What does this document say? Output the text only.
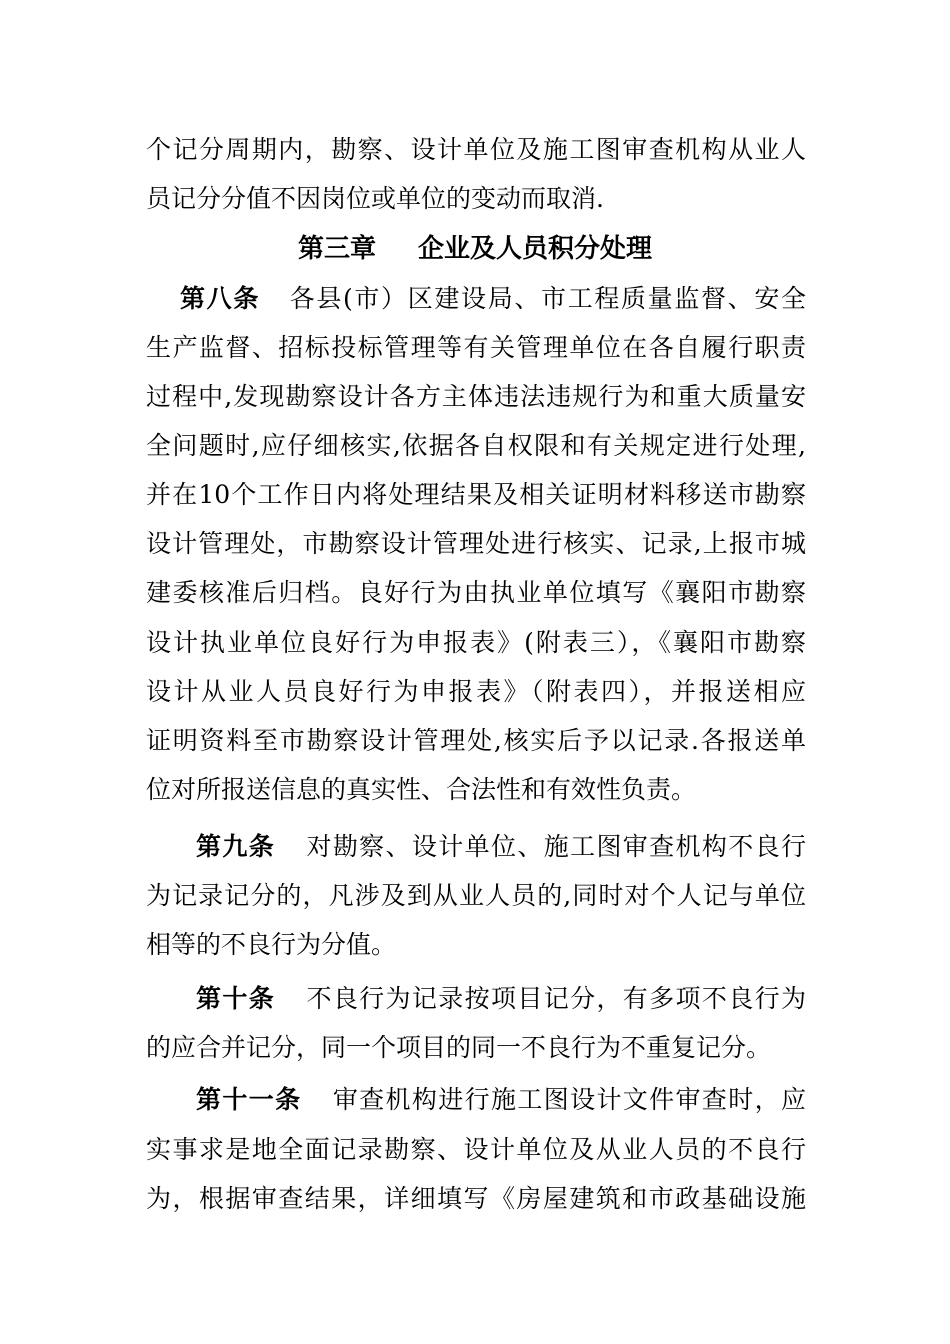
个记分周期内，勘察、设计单位及施工图审查机构从业人
员记分分值不因岗位或单位的变动而取消.
第三章 企业及人员积分处理
第八条 各县(市）区建设局、市工程质量监督、安全
生产监督、招标投标管理等有关管理单位在各自履行职责
过程中,发现勘察设计各方主体违法违规行为和重大质量安
全问题时,应仔细核实,依据各自权限和有关规定进行处理,
并在10个工作日内将处理结果及相关证明材料移送市勘察
设计管理处，市勘察设计管理处进行核实、记录,上报市城
建委核准后归档。良好行为由执业单位填写《襄阳市勘察
设计执业单位良好行为申报表》(附表三），《襄阳市勘察
设计从业人员良好行为申报表》（附表四），并报送相应
证明资料至市勘察设计管理处,核实后予以记录.各报送单
位对所报送信息的真实性、合法性和有效性负责。
第九条 对勘察、设计单位、施工图审查机构不良行
为记录记分的，凡涉及到从业人员的,同时对个人记与单位
相等的不良行为分值。
第十条 不良行为记录按项目记分，有多项不良行为
的应合并记分，同一个项目的同一不良行为不重复记分。
第十一条 审查机构进行施工图设计文件审查时，应
实事求是地全面记录勘察、设计单位及从业人员的不良行
为，根据审查结果，详细填写《房屋建筑和市政基础设施
